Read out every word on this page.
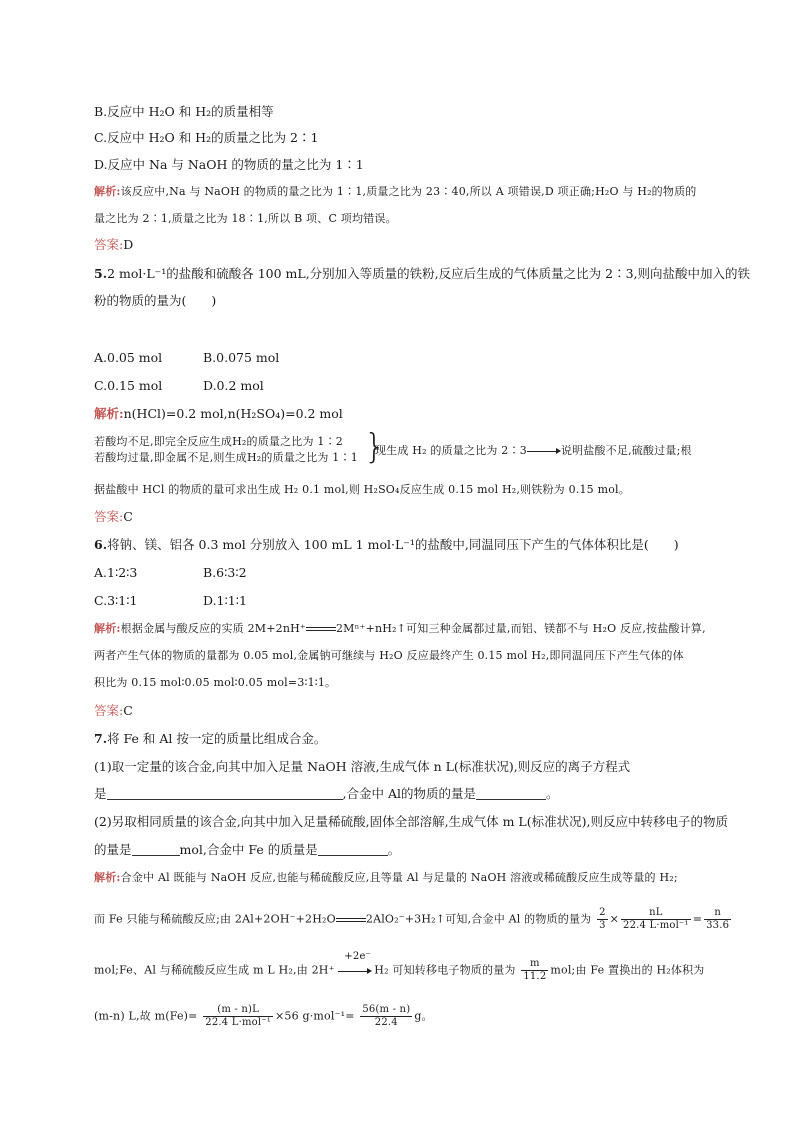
B.反应中 H₂O 和 H₂的质量相等
C.反应中 H₂O 和 H₂的质量之比为 2∶1
D.反应中 Na 与 NaOH 的物质的量之比为 1∶1
解析:该反应中,Na 与 NaOH 的物质的量之比为 1∶1,质量之比为 23∶40,所以 A 项错误,D 项正确;H₂O 与 H₂的物质的
量之比为 2∶1,质量之比为 18∶1,所以 B 项、C 项均错误。
答案:D
5.2 mol·L⁻¹的盐酸和硫酸各 100 mL,分别加入等质量的铁粉,反应后生成的气体质量之比为 2∶3,则向盐酸中加入的铁
粉的物质的量为(　　)
A.0.05 mol	B.0.075 mol
C.0.15 mol	D.0.2 mol
解析:n(HCl)=0.2 mol,n(H₂SO₄)=0.2 mol
若酸均不足,即完全反应生成H₂的质量之比为 1∶2
若酸均过量,即金属不足,则生成H₂的质量之比为 1∶1 }
现生成 H₂ 的质量之比为 2∶3	说明盐酸不足,硫酸过量;根
据盐酸中 HCl 的物质的量可求出生成 H₂ 0.1 mol,则 H₂SO₄反应生成 0.15 mol H₂,则铁粉为 0.15 mol。
答案:C
6.将钠、镁、铝各 0.3 mol 分别放入 100 mL 1 mol·L⁻¹的盐酸中,同温同压下产生的气体体积比是(　　)
A.1∶2∶3	B.6∶3∶2
C.3∶1∶1	D.1∶1∶1
解析:根据金属与酸反应的实质 2M+2nH⁺	2Mⁿ⁺+nH₂↑可知三种金属都过量,而铝、镁都不与 H₂O 反应,按盐酸计算,
两者产生气体的物质的量都为 0.05 mol,金属钠可继续与 H₂O 反应最终产生 0.15 mol H₂,即同温同压下产生气体的体
积比为 0.15 mol∶0.05 mol∶0.05 mol=3∶1∶1。
答案:C
7.将 Fe 和 Al 按一定的质量比组成合金。
(1)取一定量的该合金,向其中加入足量 NaOH 溶液,生成气体 n L(标准状况),则反应的离子方程式
是	,合金中 Al的物质的量是	。
(2)另取相同质量的该合金,向其中加入足量稀硫酸,固体全部溶解,生成气体 m L(标准状况),则反应中转移电子的物质
的量是	mol,合金中 Fe 的质量是	。
解析:合金中 Al 既能与 NaOH 反应,也能与稀硫酸反应,且等量 Al 与足量的 NaOH 溶液或稀硫酸反应生成等量的 H₂;
而 Fe 只能与稀硫酸反应;由 2Al+2OH⁻+2H₂O	2AlO₂⁻+3H₂↑可知,合金中 Al 的物质的量为 $\frac{2}{3} \times \frac{nL}{\text{22.4 L·mol⁻¹}} = \frac{n}{33.6}$
mol;Fe、Al 与稀硫酸反应生成 m L H₂,由 2H⁺
+2e⁻
H₂ 可知转移电子物质的量为 $\frac{m}{11.2}$ mol;由 Fe 置换出的 H₂体积为
(m-n) L,故 $m(Fe)= \frac{(m - n)L}{\text{22.4 L·mol⁻¹}} \times 56$ $g\cdot mol^{-1}= \frac{56(m - n)}{22.4}$ g。
